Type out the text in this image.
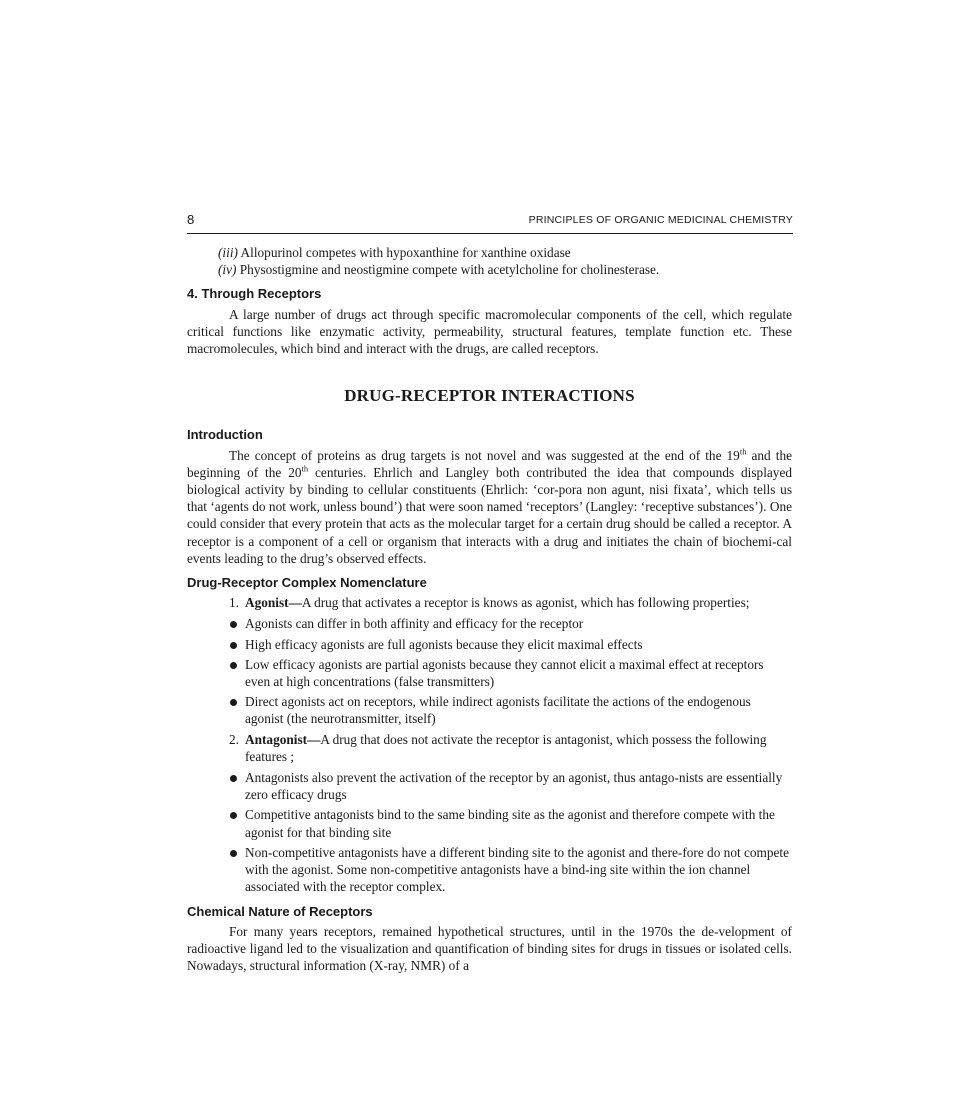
8	PRINCIPLES OF ORGANIC MEDICINAL CHEMISTRY

(iii) Allopurinol competes with hypoxanthine for xanthine oxidase

(iv) Physostigmine and neostigmine compete with acetylcholine for cholinesterase.

4. Through Receptors

A large number of drugs act through specific macromolecular components of the cell, which regulate critical functions like enzymatic activity, permeability, structural features, template function etc. These macromolecules, which bind and interact with the drugs, are called receptors.

DRUG-RECEPTOR INTERACTIONS
Introduction

The concept of proteins as drug targets is not novel and was suggested at the end of the 19th and the beginning of the 20th centuries. Ehrlich and Langley both contributed the idea that compounds displayed biological activity by binding to cellular constituents (Ehrlich: ‘cor-pora non agunt, nisi fixata’, which tells us that ‘agents do not work, unless bound’) that were soon named ‘receptors’ (Langley: ‘receptive substances’). One could consider that every protein that acts as the molecular target for a certain drug should be called a receptor. A receptor is a component of a cell or organism that interacts with a drug and initiates the chain of biochemi-cal events leading to the drug’s observed effects.

Drug-Receptor Complex Nomenclature
1. Agonist—A drug that activates a receptor is knows as agonist, which has following properties;
Agonists can differ in both affinity and efficacy for the receptor
High efficacy agonists are full agonists because they elicit maximal effects
Low efficacy agonists are partial agonists because they cannot elicit a maximal effect at receptors even at high concentrations (false transmitters)
Direct agonists act on receptors, while indirect agonists facilitate the actions of the endogenous agonist (the neurotransmitter, itself)
2. Antagonist—A drug that does not activate the receptor is antagonist, which possess the following features ;
Antagonists also prevent the activation of the receptor by an agonist, thus antago-nists are essentially zero efficacy drugs
Competitive antagonists bind to the same binding site as the agonist and therefore compete with the agonist for that binding site
Non-competitive antagonists have a different binding site to the agonist and there-fore do not compete with the agonist. Some non-competitive antagonists have a bind-ing site within the ion channel associated with the receptor complex.
Chemical Nature of Receptors

For many years receptors, remained hypothetical structures, until in the 1970s the de-velopment of radioactive ligand led to the visualization and quantification of binding sites for drugs in tissues or isolated cells. Nowadays, structural information (X-ray, NMR) of a
